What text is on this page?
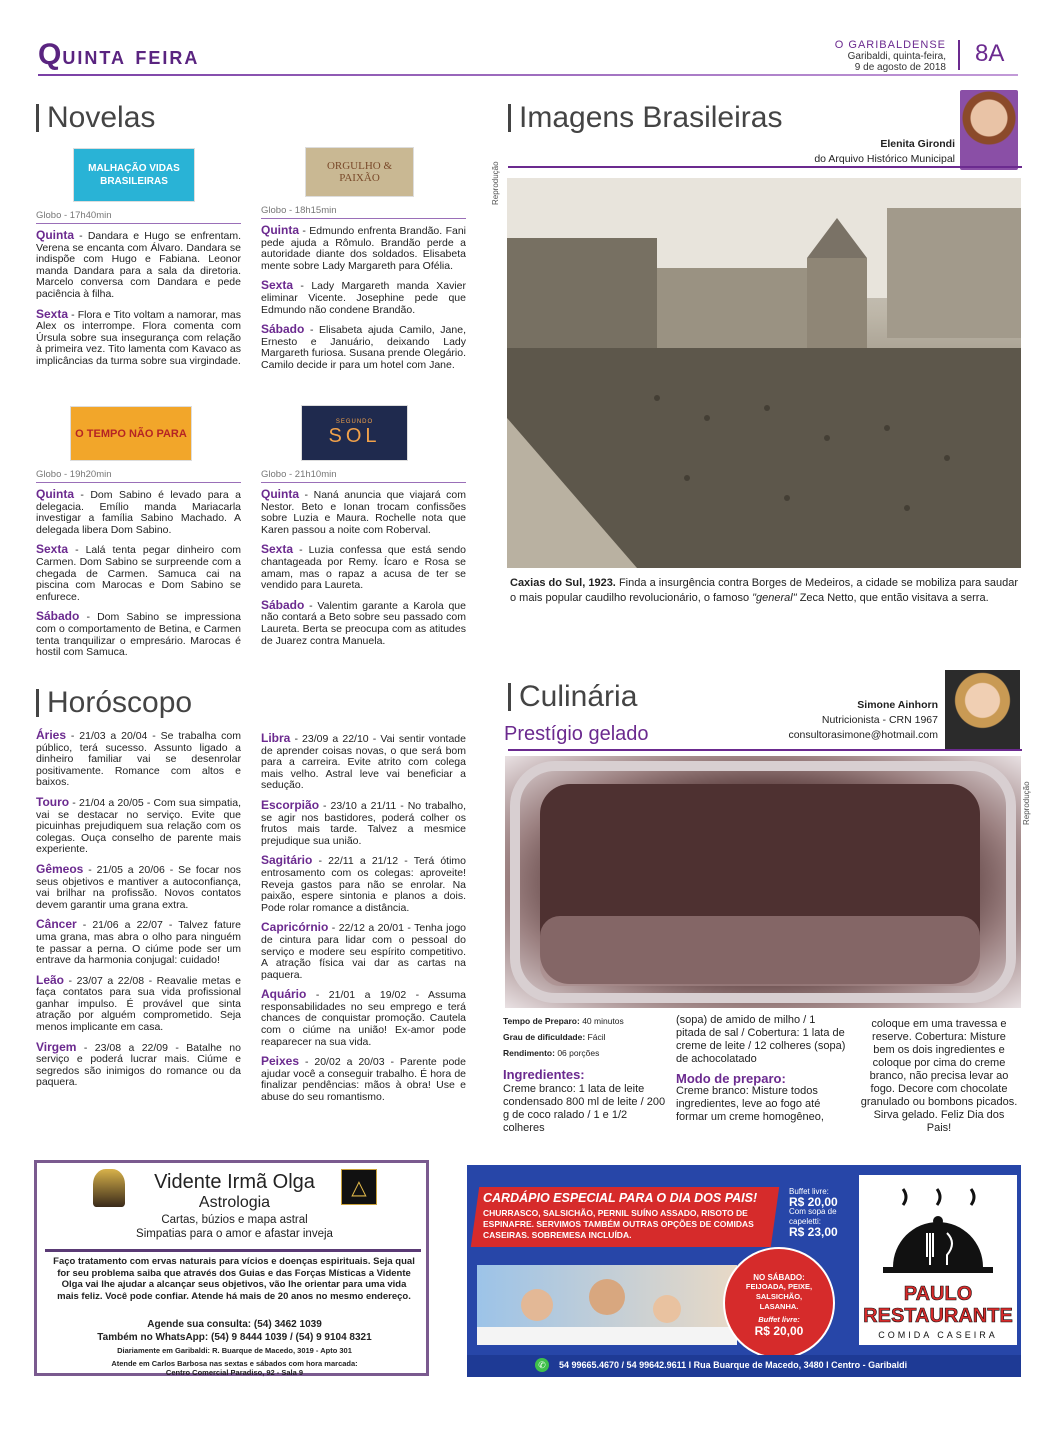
QUINTA FEIRA
O GARIBALDENSE
Garibaldi, quinta-feira,
9 de agosto de 2018
8A
Novelas
MALHAÇÃO VIDAS BRASILEIRAS
Globo - 17h40min

Quinta - Dandara e Hugo se enfrentam. Verena se encanta com Álvaro. Dandara se indispõe com Hugo e Fabiana. Leonor manda Dandara para a sala da diretoria. Marcelo conversa com Dandara e pede paciência à filha.

Sexta - Flora e Tito voltam a namorar, mas Alex os interrompe. Flora comenta com Úrsula sobre sua insegurança com relação à primeira vez. Tito lamenta com Kavaco as implicâncias da turma sobre sua virgindade.

ORGULHO & PAIXÃO
Globo - 18h15min

Quinta - Edmundo enfrenta Brandão. Fani pede ajuda a Rômulo. Brandão perde a autoridade diante dos soldados. Elisabeta mente sobre Lady Margareth para Ofélia.

Sexta - Lady Margareth manda Xavier eliminar Vicente. Josephine pede que Edmundo não condene Brandão.

Sábado - Elisabeta ajuda Camilo, Jane, Ernesto e Januário, deixando Lady Margareth furiosa. Susana prende Olegário. Camilo decide ir para um hotel com Jane.

O TEMPO NÃO PARA
Globo - 19h20min

Quinta - Dom Sabino é levado para a delegacia. Emílio manda Mariacarla investigar a família Sabino Machado. A delegada libera Dom Sabino.

Sexta - Lalá tenta pegar dinheiro com Carmen. Dom Sabino se surpreende com a chegada de Carmen. Samuca cai na piscina com Marocas e Dom Sabino se enfurece.

Sábado - Dom Sabino se impressiona com o comportamento de Betina, e Carmen tenta tranquilizar o empresário. Marocas é hostil com Samuca.

SEGUNDO
SOL
Globo - 21h10min

Quinta - Naná anuncia que viajará com Nestor. Beto e Ionan trocam confissões sobre Luzia e Maura. Rochelle nota que Karen passou a noite com Roberval.

Sexta - Luzia confessa que está sendo chantageada por Remy. Ícaro e Rosa se amam, mas o rapaz a acusa de ter se vendido para Laureta.

Sábado - Valentim garante a Karola que não contará a Beto sobre seu passado com Laureta. Berta se preocupa com as atitudes de Juarez contra Manuela.

Imagens Brasileiras
Elenita Girondi
do Arquivo Histórico Municipal
Reprodução
Caxias do Sul, 1923. Finda a insurgência contra Borges de Medeiros, a cidade se mobiliza para saudar o mais popular caudilho revolucionário, o famoso "general" Zeca Netto, que então visitava a serra.
Horóscopo

Áries - 21/03 a 20/04 - Se trabalha com público, terá sucesso. Assunto ligado a dinheiro familiar vai se desenrolar positivamente. Romance com altos e baixos.

Touro - 21/04 a 20/05 - Com sua simpatia, vai se destacar no serviço. Evite que picuinhas prejudiquem sua relação com os colegas. Ouça conselho de parente mais experiente.

Gêmeos - 21/05 a 20/06 - Se focar nos seus objetivos e mantiver a autoconfiança, vai brilhar na profissão. Novos contatos devem garantir uma grana extra.

Câncer - 21/06 a 22/07 - Talvez fature uma grana, mas abra o olho para ninguém te passar a perna. O ciúme pode ser um entrave da harmonia conjugal: cuidado!

Leão - 23/07 a 22/08 - Reavalie metas e faça contatos para sua vida profissional ganhar impulso. É provável que sinta atração por alguém comprometido. Seja menos implicante em casa.

Virgem - 23/08 a 22/09 - Batalhe no serviço e poderá lucrar mais. Ciúme e segredos são inimigos do romance ou da paquera.

Libra - 23/09 a 22/10 - Vai sentir vontade de aprender coisas novas, o que será bom para a carreira. Evite atrito com colega mais velho. Astral leve vai beneficiar a sedução.

Escorpião - 23/10 a 21/11 - No trabalho, se agir nos bastidores, poderá colher os frutos mais tarde. Talvez a mesmice prejudique sua união.

Sagitário - 22/11 a 21/12 - Terá ótimo entrosamento com os colegas: aproveite! Reveja gastos para não se enrolar. Na paixão, espere sintonia e planos a dois. Pode rolar romance a distância.

Capricórnio - 22/12 a 20/01 - Tenha jogo de cintura para lidar com o pessoal do serviço e modere seu espírito competitivo. A atração física vai dar as cartas na paquera.

Aquário - 21/01 a 19/02 - Assuma responsabilidades no seu emprego e terá chances de conquistar promoção. Cautela com o ciúme na união! Ex-amor pode reaparecer na sua vida.

Peixes - 20/02 a 20/03 - Parente pode ajudar você a conseguir trabalho. É hora de finalizar pendências: mãos à obra! Use e abuse do seu romantismo.

Culinária
Prestígio gelado
Simone Ainhorn
Nutricionista - CRN 1967
consultorasimone@hotmail.com
Reprodução
Tempo de Preparo: 40 minutos
Grau de dificuldade: Fácil
Rendimento: 06 porções
Ingredientes:
Creme branco: 1 lata de leite condensado 800 ml de leite / 200 g de coco ralado / 1 e 1/2 colheres
(sopa) de amido de milho / 1 pitada de sal / Cobertura: 1 lata de creme de leite / 12 colheres (sopa) de achocolatado
Modo de preparo:
Creme branco: Misture todos ingredientes, leve ao fogo até formar um creme homogêneo,
coloque em uma travessa e reserve. Cobertura: Misture bem os dois ingredientes e coloque por cima do creme branco, não precisa levar ao fogo. Decore com chocolate granulado ou bombons picados. Sirva gelado. Feliz Dia dos Pais!
△
Vidente Irmã Olga
Astrologia
Cartas, búzios e mapa astral
Simpatias para o amor e afastar inveja
Faço tratamento com ervas naturais para vícios e doenças espirituais. Seja qual for seu problema saiba que através dos Guias e das Forças Místicas a Vidente Olga vai lhe ajudar a alcançar seus objetivos, vão lhe orientar para uma vida mais feliz. Você pode confiar. Atende há mais de 20 anos no mesmo endereço.
Agende sua consulta: (54) 3462 1039
Também no WhatsApp: (54) 9 8444 1039 / (54) 9 9104 8321
Diariamente em Garibaldi: R. Buarque de Macedo, 3019 - Apto 301
Atende em Carlos Barbosa nas sextas e sábados com hora marcada:
Centro Comercial Paradiso, 92 - Sala 9
CARDÁPIO ESPECIAL PARA O DIA DOS PAIS!
CHURRASCO, SALSICHÃO, PERNIL SUÍNO ASSADO, RISOTO DE ESPINAFRE. SERVIMOS TAMBÉM OUTRAS OPÇÕES DE COMIDAS CASEIRAS. SOBREMESA INCLUÍDA.
Buffet livre:
R$ 20,00
Com sopa de capeletti:
R$ 23,00
NO SÁBADO:
FEIJOADA, PEIXE, SALSICHÃO, LASANHA.
Buffet livre:
R$ 20,00
PAULO
RESTAURANTE
COMIDA CASEIRA
✆	54 99665.4670 / 54 99642.9611 I Rua Buarque de Macedo, 3480 I Centro - Garibaldi
